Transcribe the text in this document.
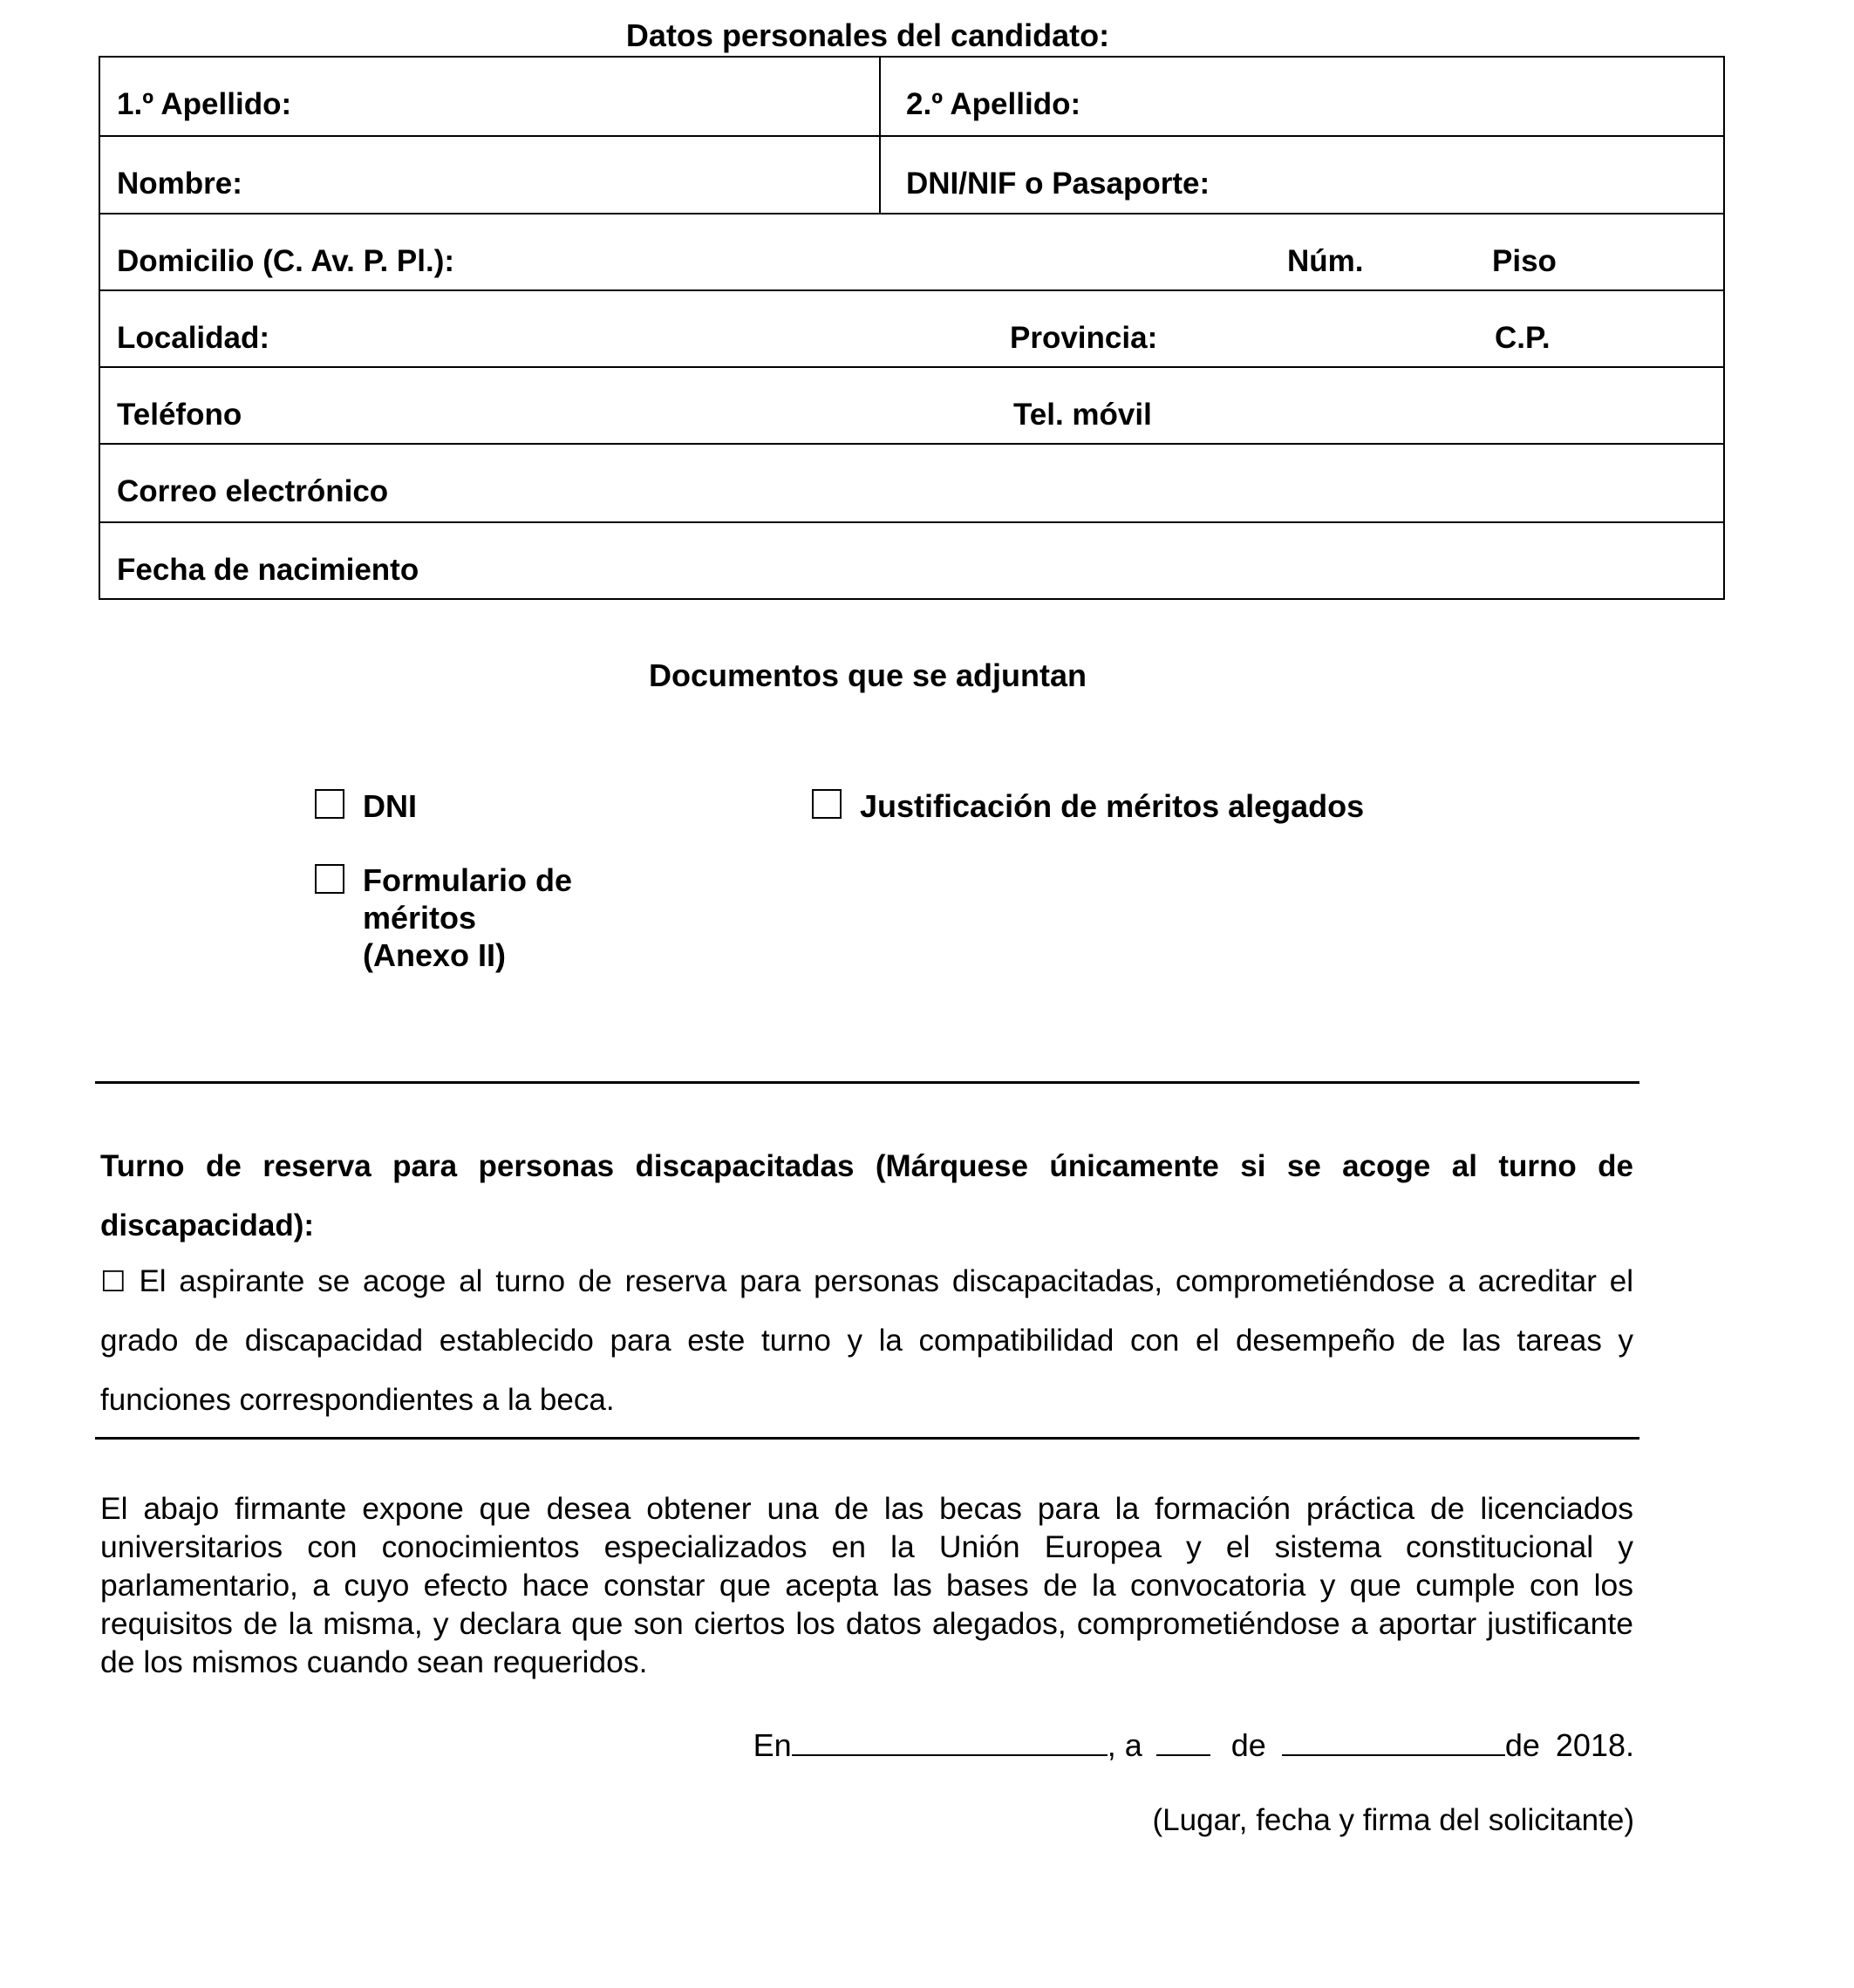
Datos personales del candidato:
1.º Apellido:	2.º Apellido:
Nombre:	DNI/NIF o Pasaporte:
Domicilio (C. Av. P. Pl.):	Núm.	Piso
Localidad:	Provincia:	C.P.
Teléfono	Tel. móvil
Correo electrónico
Fecha de nacimiento
Documentos que se adjuntan
DNI	Justificación de méritos alegados
Formulario de
méritos
(Anexo II)
Turno de reserva para personas discapacitadas (Márquese únicamente si se acoge al turno de discapacidad):
☐ El aspirante se acoge al turno de reserva para personas discapacitadas, comprometiéndose a acreditar el grado de discapacidad establecido para este turno y la compatibilidad con el desempeño de las tareas y funciones correspondientes a la beca.
El abajo firmante expone que desea obtener una de las becas para la formación práctica de licenciados universitarios con conocimientos especializados en la Unión Europea y el sistema constitucional y parlamentario, a cuyo efecto hace constar que acepta las bases de la convocatoria y que cumple con los requisitos de la misma, y declara que son ciertos los datos alegados, comprometiéndose a aportar justificante de los mismos cuando sean requeridos.
En	, a	de	de 2018.
(Lugar, fecha y firma del solicitante)
